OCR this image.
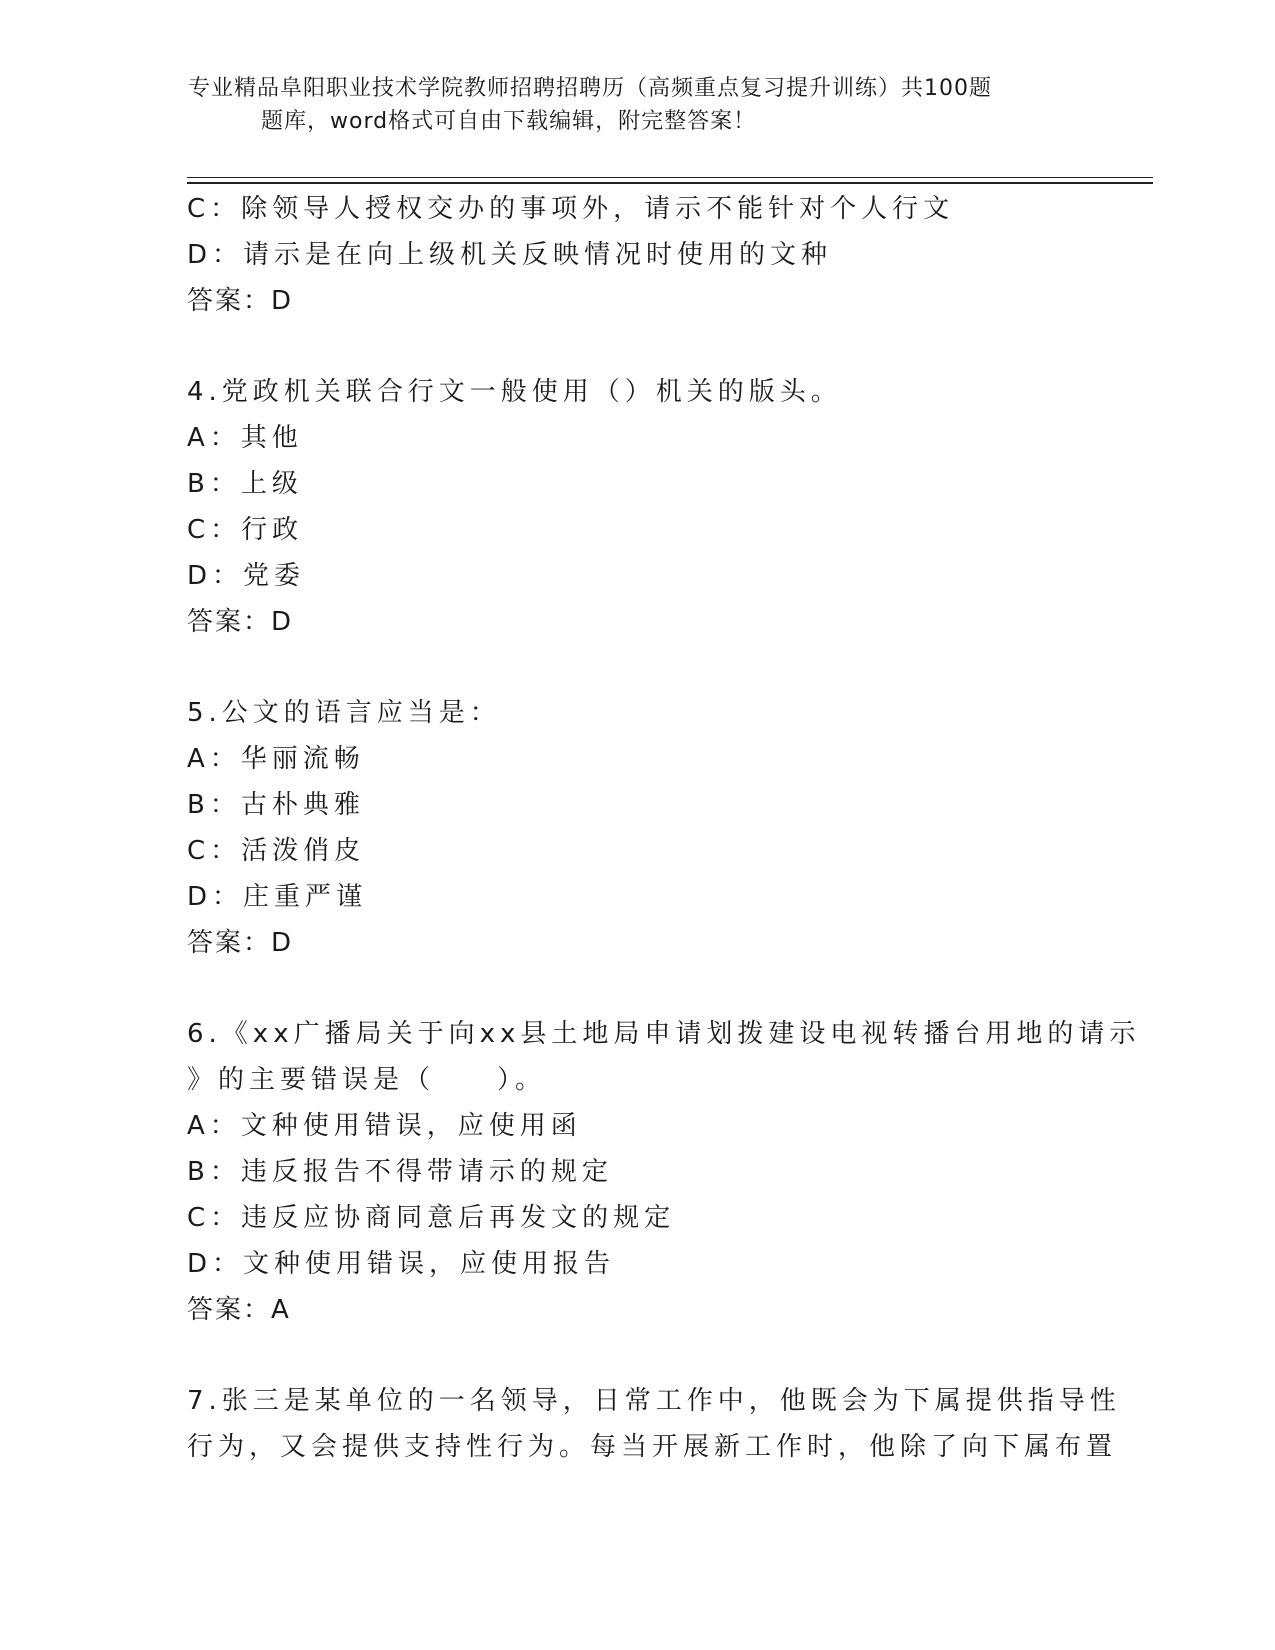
专业精品阜阳职业技术学院教师招聘招聘历（高频重点复习提升训练）共100题
题库，word格式可自由下载编辑，附完整答案！
C：除领导人授权交办的事项外，请示不能针对个人行文
D：请示是在向上级机关反映情况时使用的文种
答案：D
4.党政机关联合行文一般使用（）机关的版头。
A：其他
B：上级
C：行政
D：党委
答案：D
5.公文的语言应当是：
A：华丽流畅
B：古朴典雅
C：活泼俏皮
D：庄重严谨
答案：D
6.《xx广播局关于向xx县土地局申请划拨建设电视转播台用地的请示
》的主要错误是（　　）。
A：文种使用错误，应使用函
B：违反报告不得带请示的规定
C：违反应协商同意后再发文的规定
D：文种使用错误，应使用报告
答案：A
7.张三是某单位的一名领导，日常工作中，他既会为下属提供指导性
行为，又会提供支持性行为。每当开展新工作时，他除了向下属布置
